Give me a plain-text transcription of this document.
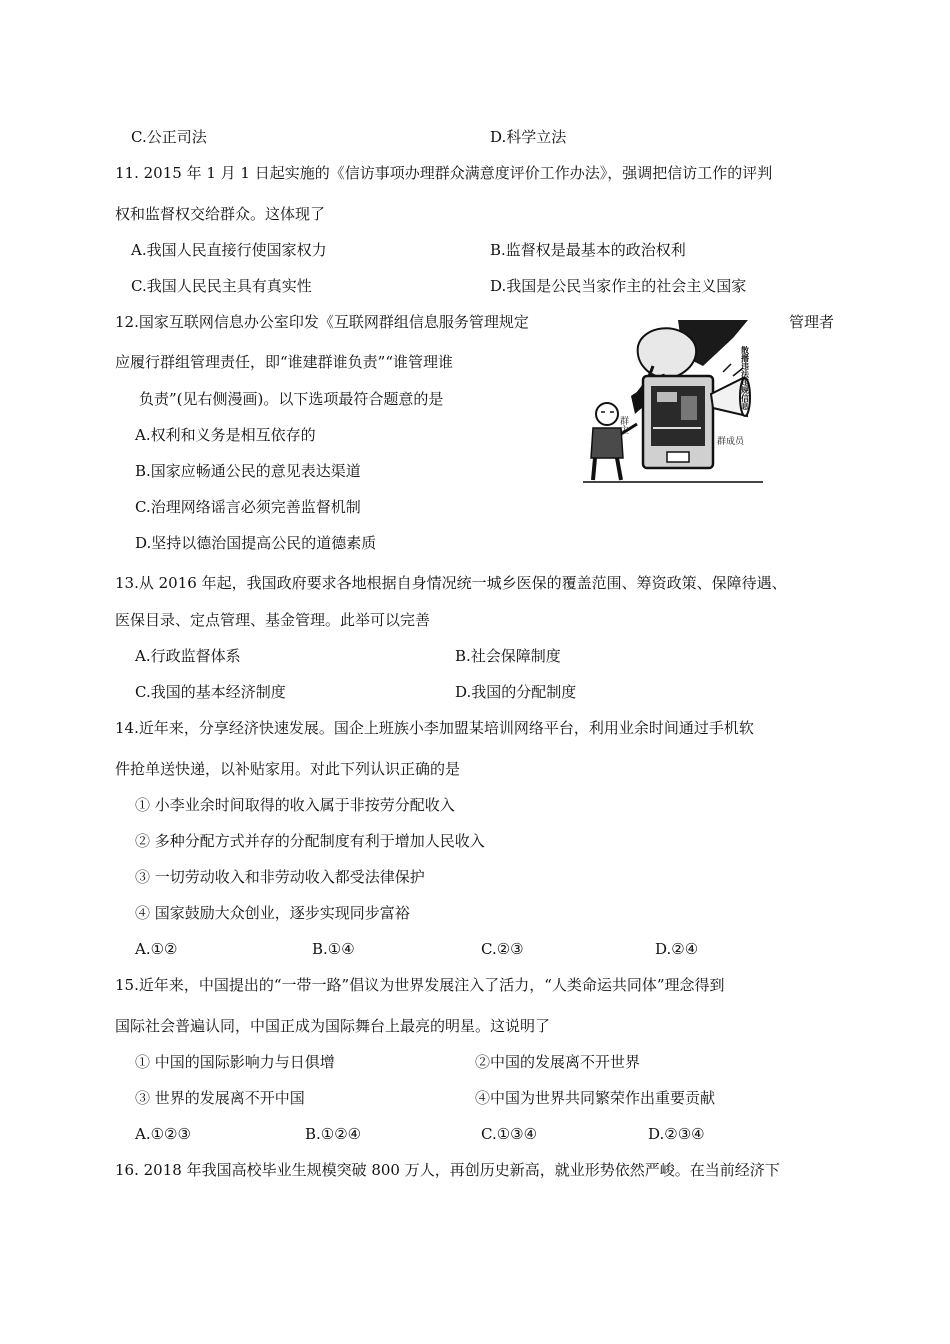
C.公正司法	D.科学立法
11. 2015 年 1 月 1 日起实施的《信访事项办理群众满意度评价工作办法》，强调把信访工作的评判
权和监督权交给群众。这体现了
A.我国人民直接行使国家权力	B.监督权是最基本的政治权利
C.我国人民民主具有真实性	D.我国是公民当家作主的社会主义国家
12.国家互联网信息办公室印发《互联网群组信息服务管理规定	管理者
应履行群组管理责任，即“谁建群谁负责”“谁管理谁
负责”(见右侧漫画)。以下选项最符合题意的是
A.权利和义务是相互依存的
B.国家应畅通公民的意见表达渠道
C.治理网络谣言必须完善监督机制
D.坚持以德治国提高公民的道德素质
散播违法违规信息
群主
群成员
13.从 2016 年起，我国政府要求各地根据自身情况统一城乡医保的覆盖范围、筹资政策、保障待遇、
医保目录、定点管理、基金管理。此举可以完善
A.行政监督体系	B.社会保障制度
C.我国的基本经济制度	D.我国的分配制度
14.近年来，分享经济快速发展。国企上班族小李加盟某培训网络平台，利用业余时间通过手机软
件抢单送快递，以补贴家用。对此下列认识正确的是
① 小李业余时间取得的收入属于非按劳分配收入
② 多种分配方式并存的分配制度有利于增加人民收入
③ 一切劳动收入和非劳动收入都受法律保护
④ 国家鼓励大众创业，逐步实现同步富裕
A.①②	B.①④	C.②③	D.②④
15.近年来，中国提出的“一带一路”倡议为世界发展注入了活力，“人类命运共同体”理念得到
国际社会普遍认同，中国正成为国际舞台上最亮的明星。这说明了
① 中国的国际影响力与日俱增	②中国的发展离不开世界
③ 世界的发展离不开中国	④中国为世界共同繁荣作出重要贡献
A.①②③	B.①②④	C.①③④	D.②③④
16. 2018 年我国高校毕业生规模突破 800 万人，再创历史新高，就业形势依然严峻。在当前经济下
